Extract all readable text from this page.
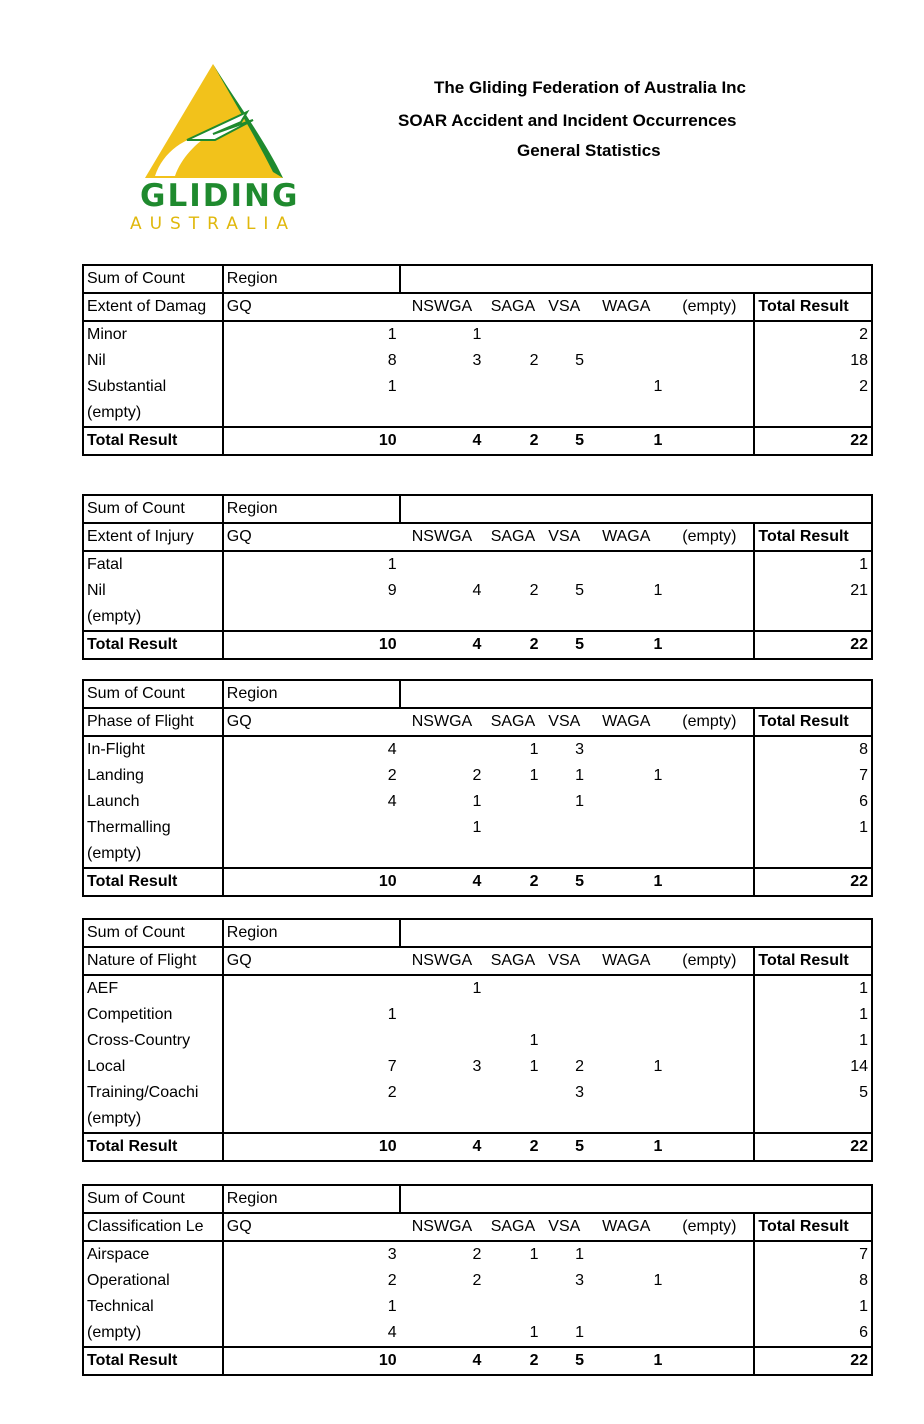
GLIDING
AUSTRALIA
The Gliding Federation of Australia Inc
SOAR Accident and Incident Occurrences
General Statistics
Sum of Count	Region						
Extent of Damag	GQ	NSWGA	SAGA	VSA	WAGA	(empty)	Total Result
Minor	1	1					2
Nil	8	3	2	5			18
Substantial	1				1		2
(empty)							
Total Result	10	4	2	5	1		22
Sum of Count	Region						
Extent of Injury	GQ	NSWGA	SAGA	VSA	WAGA	(empty)	Total Result
Fatal	1						1
Nil	9	4	2	5	1		21
(empty)							
Total Result	10	4	2	5	1		22
Sum of Count	Region						
Phase of Flight	GQ	NSWGA	SAGA	VSA	WAGA	(empty)	Total Result
In-Flight	4		1	3			8
Landing	2	2	1	1	1		7
Launch	4	1		1			6
Thermalling		1					1
(empty)							
Total Result	10	4	2	5	1		22
Sum of Count	Region						
Nature of Flight	GQ	NSWGA	SAGA	VSA	WAGA	(empty)	Total Result
AEF		1					1
Competition	1						1
Cross-Country			1				1
Local	7	3	1	2	1		14
Training/Coachi	2			3			5
(empty)							
Total Result	10	4	2	5	1		22
Sum of Count	Region						
Classification Le	GQ	NSWGA	SAGA	VSA	WAGA	(empty)	Total Result
Airspace	3	2	1	1			7
Operational	2	2		3	1		8
Technical	1						1
(empty)	4		1	1			6
Total Result	10	4	2	5	1		22
